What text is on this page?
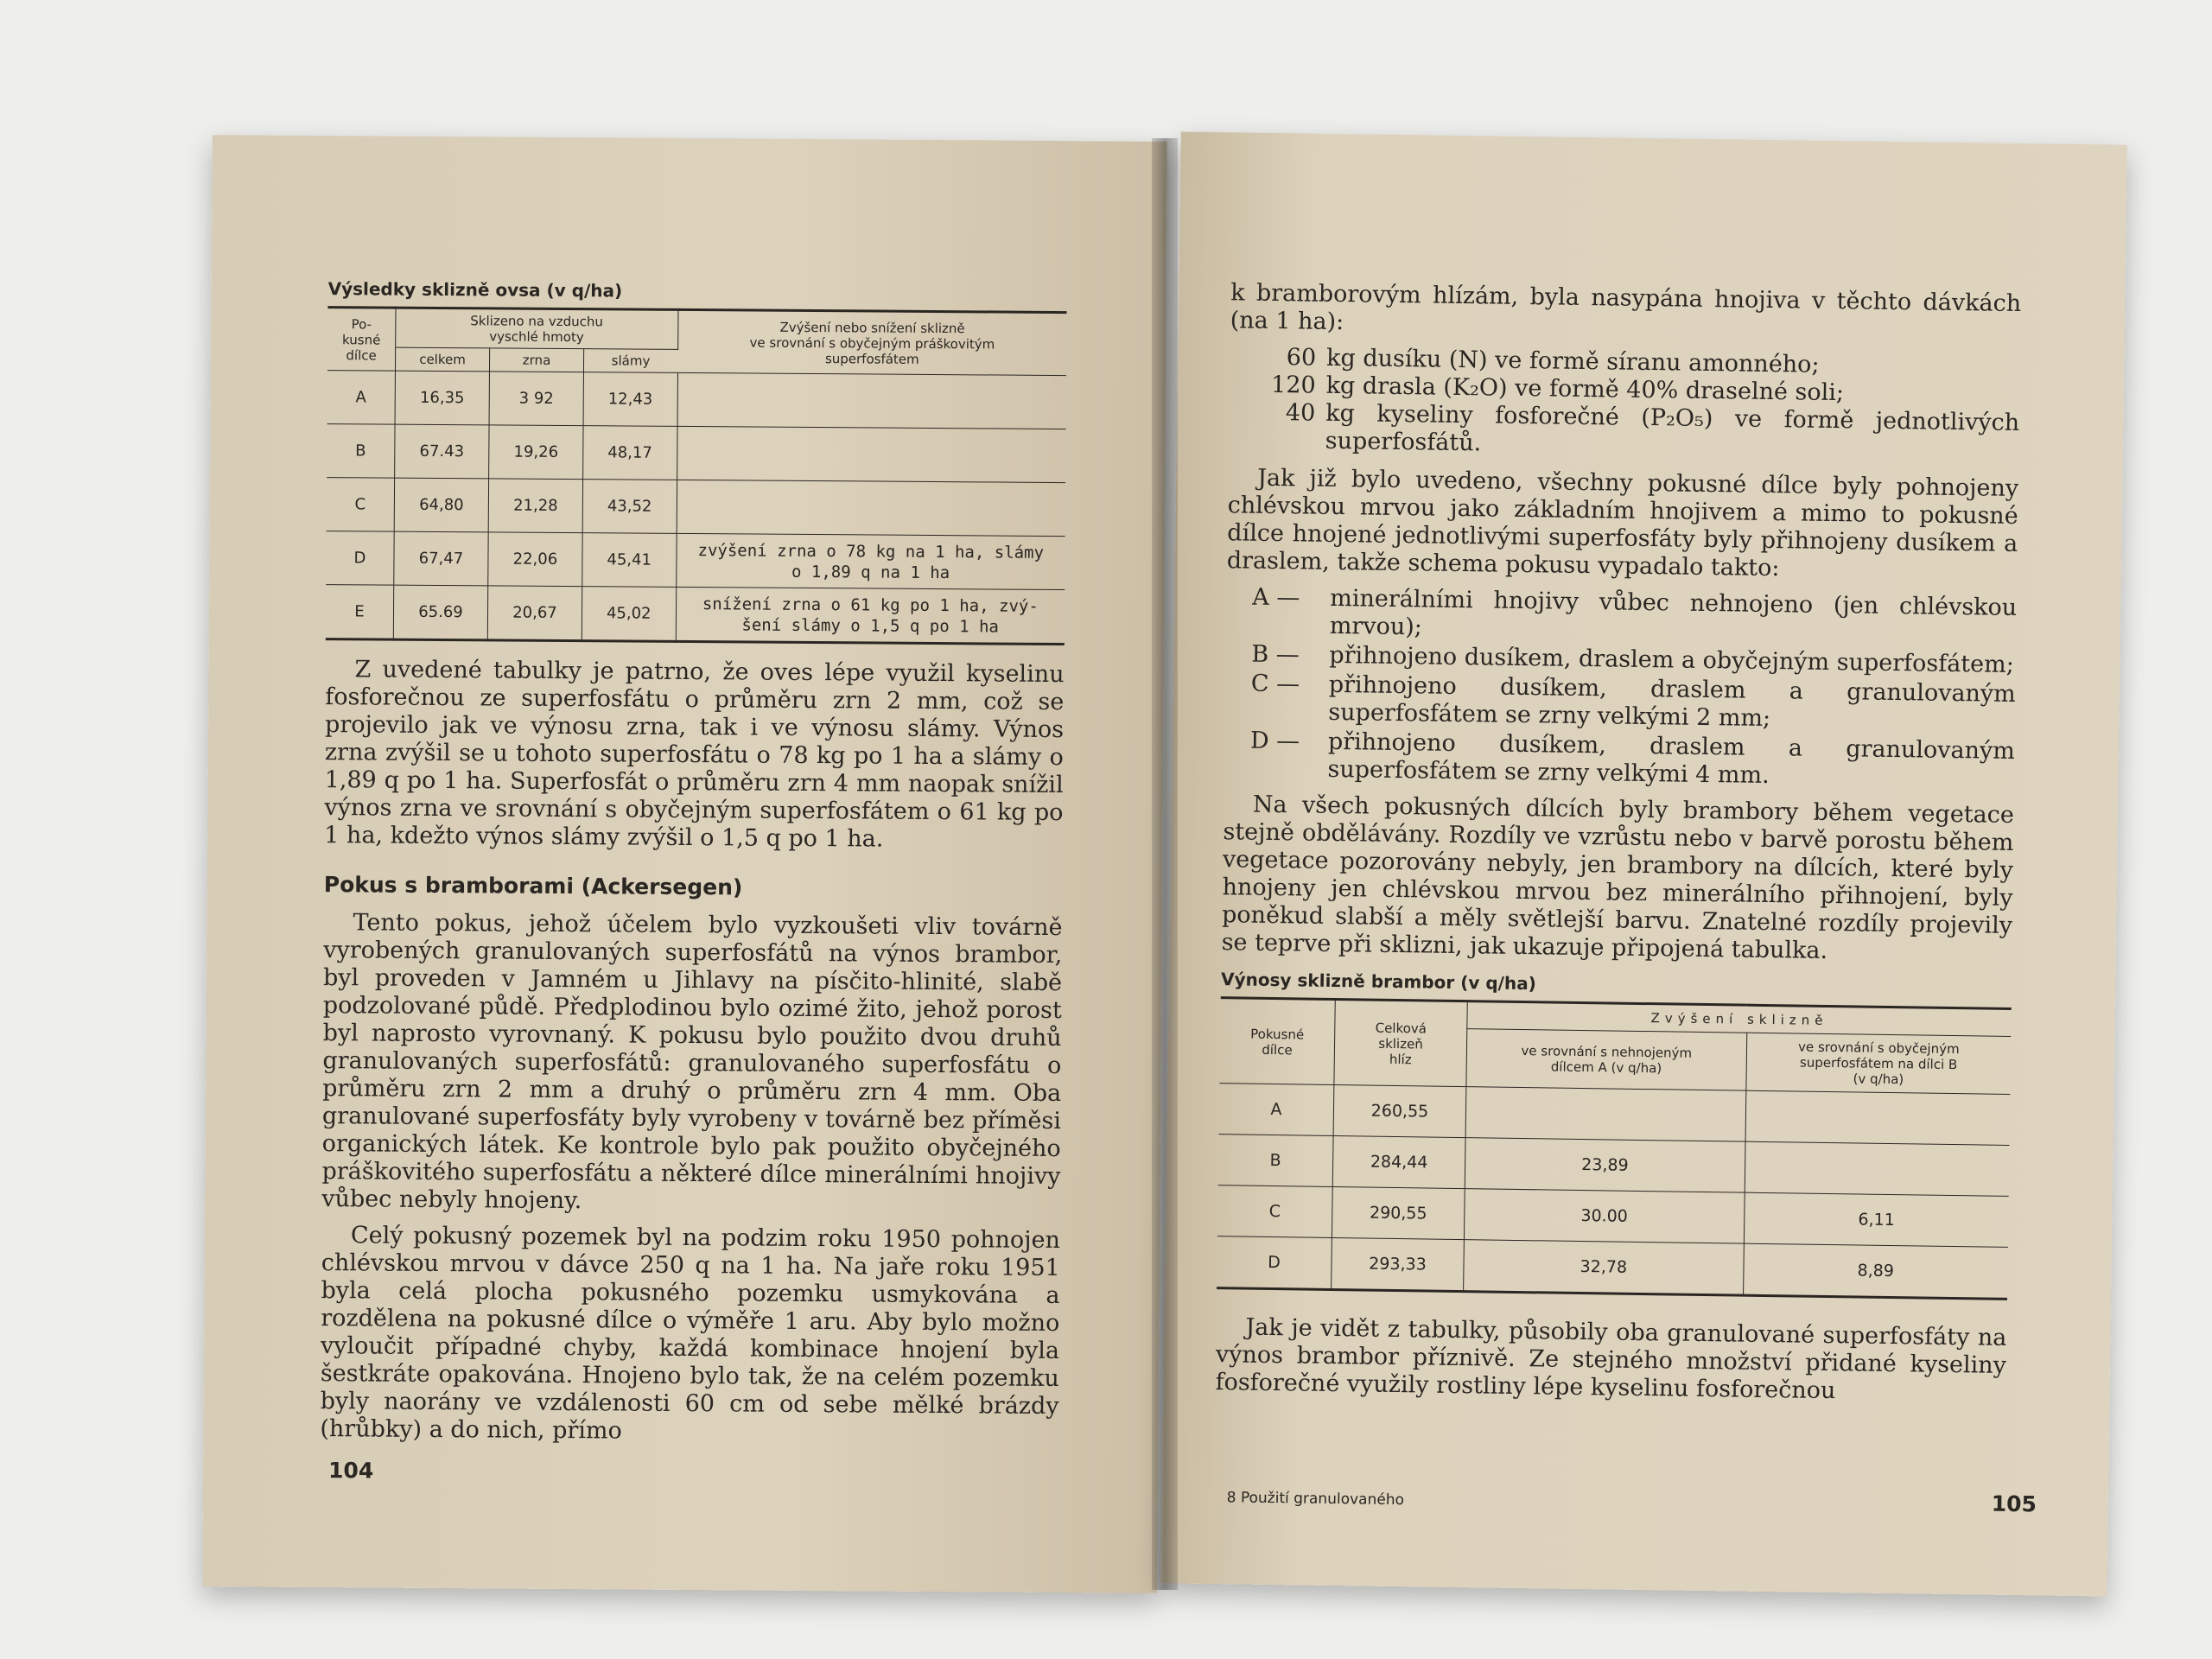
Výsledky sklizně ovsa (v q/ha)
Po-
kusné
dílce	Sklizeno na vzduchu
vyschlé hmoty			Zvýšení nebo snížení sklizně
ve srovnání s obyčejným práškovitým
superfosfátem
	celkem	zrna	slámy	
A	16,35	3 92	12,43	
B	67.43	19,26	48,17	
C	64,80	21,28	43,52	
D	67,47	22,06	45,41	zvýšení zrna o 78 kg na 1 ha, slámy
o 1,89 q na 1 ha
E	65.69	20,67	45,02	snížení zrna o 61 kg po 1 ha, zvý-
šení slámy o 1,5 q po 1 ha

Z uvedené tabulky je patrno, že oves lépe využil kyselinu fosforečnou ze superfosfátu o průměru zrn 2 mm, což se projevilo jak ve výnosu zrna, tak i ve výnosu slámy. Výnos zrna zvýšil se u tohoto superfosfátu o 78 kg po 1 ha a slámy o 1,89 q po 1 ha. Superfosfát o průměru zrn 4 mm naopak snížil výnos zrna ve srovnání s obyčejným superfosfátem o 61 kg po 1 ha, kdežto výnos slámy zvýšil o 1,5 q po 1 ha.

Pokus s bramborami (Ackersegen)

Tento pokus, jehož účelem bylo vyzkoušeti vliv továrně vyrobených granulovaných superfosfátů na výnos brambor, byl proveden v Jamném u Jihlavy na písčito-hlinité, slabě podzolované půdě. Předplodinou bylo ozimé žito, jehož porost byl naprosto vyrovnaný. K pokusu bylo použito dvou druhů granulovaných superfosfátů: granulovaného superfosfátu o průměru zrn 2 mm a druhý o průměru zrn 4 mm. Oba granulované superfosfáty byly vyrobeny v továrně bez příměsi organických látek. Ke kontrole bylo pak použito obyčejného práškovitého superfosfátu a některé dílce minerálními hnojivy vůbec nebyly hnojeny.

Celý pokusný pozemek byl na podzim roku 1950 pohnojen chlévskou mrvou v dávce 250 q na 1 ha. Na jaře roku 1951 byla celá plocha pokusného pozemku usmykována a rozdělena na pokusné dílce o výměře 1 aru. Aby bylo možno vyloučit případné chyby, každá kombinace hnojení byla šestkráte opakována. Hnojeno bylo tak, že na celém pozemku byly naorány ve vzdálenosti 60 cm od sebe mělké brázdy (hrůbky) a do nich, přímo

104

k bramborovým hlízám, byla nasypána hnojiva v těchto dávkách (na 1 ha):

60 kg dusíku (N) ve formě síranu amonného;
120 kg drasla (K₂O) ve formě 40% draselné soli;
40 kg kyseliny fosforečné (P₂O₅) ve formě jednotlivých superfosfátů.

Jak již bylo uvedeno, všechny pokusné dílce byly pohnojeny chlévskou mrvou jako základním hnojivem a mimo to pokusné dílce hnojené jednotlivými superfosfáty byly přihnojeny dusíkem a draslem, takže schema pokusu vypadalo takto:

A —	minerálními hnojivy vůbec nehnojeno (jen chlévskou mrvou);
B —	přihnojeno dusíkem, draslem a obyčejným superfosfátem;
C —	přihnojeno dusíkem, draslem a granulovaným superfosfátem se zrny velkými 2 mm;
D —	přihnojeno dusíkem, draslem a granulovaným superfosfátem se zrny velkými 4 mm.

Na všech pokusných dílcích byly brambory během vegetace stejně obdělávány. Rozdíly ve vzrůstu nebo v barvě porostu během vegetace pozorovány nebyly, jen brambory na dílcích, které byly hnojeny jen chlévskou mrvou bez minerálního přihnojení, byly poněkud slabší a měly světlejší barvu. Znatelné rozdíly projevily se teprve při sklizni, jak ukazuje připojená tabulka.

Výnosy sklizně brambor (v q/ha)
Pokusné
dílce	Celková
sklizeň
hlíz	Zvýšení sklizně	
		ve srovnání s nehnojeným
dílcem A (v q/ha)	ve srovnání s obyčejným
superfosfátem na dílci B
(v q/ha)
A	260,55		
B	284,44	23,89	
C	290,55	30.00	6,11
D	293,33	32,78	8,89

Jak je vidět z tabulky, působily oba granulované superfosfáty na výnos brambor příznivě. Ze stejného množství přidané kyseliny fosforečné využily rostliny lépe kyselinu fosforečnou

8 Použití granulovaného	105
